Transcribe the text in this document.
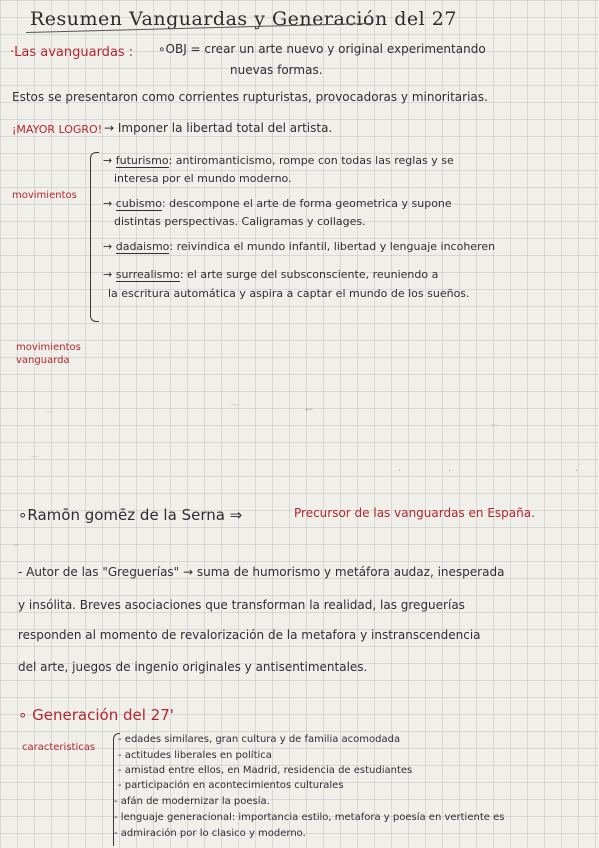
Resumen Vanguardas y Generación del 27
·Las avanguardas : ∘OBJ = crear un arte nuevo y original experimentando
nuevas formas.
Estos se presentaron como corrientes rupturistas, provocadoras y minoritarias.
¡MAYOR LOGRO! → Imponer la libertad total del artista.
movimientos
→ futurismo: antiromanticismo, rompe con todas las reglas y se
interesa por el mundo moderno.
→ cubismo: descompone el arte de forma geometrica y supone
distintas perspectivas. Caligramas y collages.
→ dadaismo: reivindica el mundo infantil, libertad y lenguaje incoheren
→ surrealismo: el arte surge del subsconsciente, reuniendo a
la escritura automática y aspira a captar el mundo de los sueños.
movimientos
vanguarda
~
~
~
~
⌐
·	·	·
‐
∘Ramōn gomēz de la Serna ⇒	Precursor de las vanguardas en España.
- Autor de las "Greguerías" → suma de humorismo y metáfora audaz, inesperada
y insólita. Breves asociaciones que transforman la realidad, las greguerías
responden al momento de revalorización de la metafora y instranscendencia
del arte, juegos de ingenio originales y antisentimentales.
∘ Generación del 27'
caracteristicas
- edades similares, gran cultura y de familia acomodada
- actitudes liberales en política
- amistad entre ellos, en Madrid, residencia de estudiantes
- participación en acontecimientos culturales
- afán de modernizar la poesía.
- lenguaje generacional: importancia estilo, metafora y poesía en vertiente es
- admiración por lo clasico y moderno.
